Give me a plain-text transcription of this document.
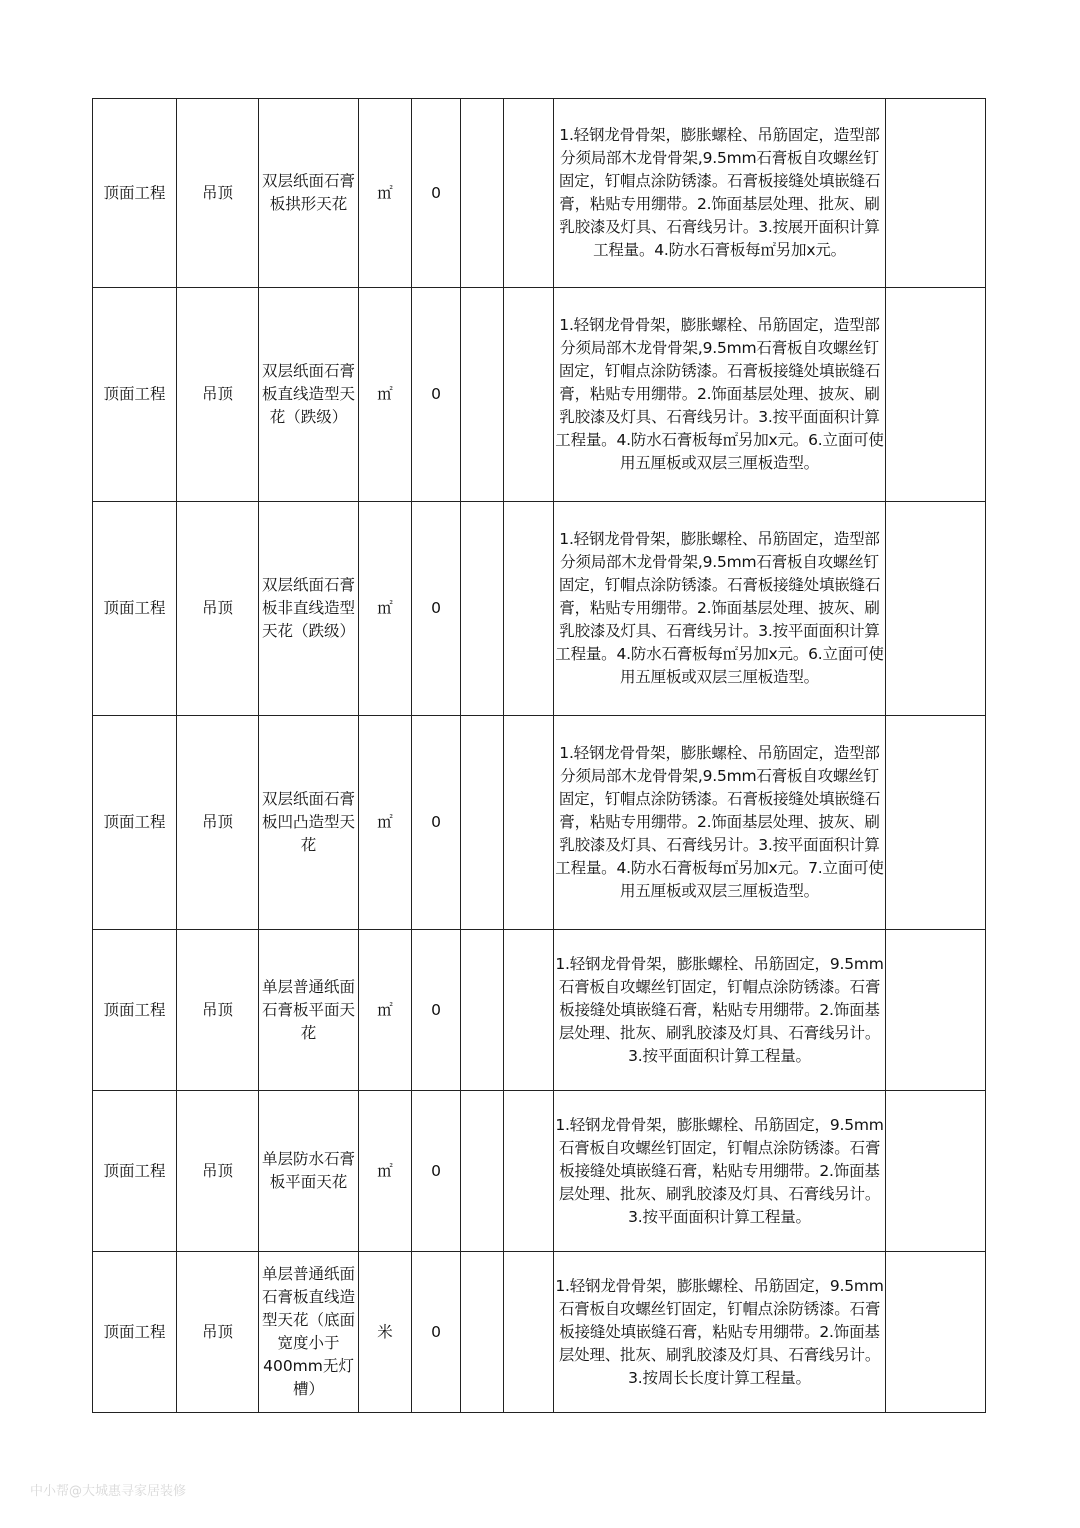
顶面工程	吊顶	双层纸面石膏板拱形天花	㎡	0			1.轻钢龙骨骨架，膨胀螺栓、吊筋固定，造型部分须局部木龙骨骨架,9.5mm石膏板自攻螺丝钉固定，钉帽点涂防锈漆。石膏板接缝处填嵌缝石膏，粘贴专用绷带。2.饰面基层处理、批灰、刷乳胶漆及灯具、石膏线另计。3.按展开面积计算工程量。4.防水石膏板每㎡另加x元。	
顶面工程	吊顶	双层纸面石膏板直线造型天花（跌级）	㎡	0			1.轻钢龙骨骨架，膨胀螺栓、吊筋固定，造型部分须局部木龙骨骨架,9.5mm石膏板自攻螺丝钉固定，钉帽点涂防锈漆。石膏板接缝处填嵌缝石膏，粘贴专用绷带。2.饰面基层处理、披灰、刷乳胶漆及灯具、石膏线另计。3.按平面面积计算工程量。4.防水石膏板每㎡另加x元。6.立面可使用五厘板或双层三厘板造型。	
顶面工程	吊顶	双层纸面石膏板非直线造型天花（跌级）	㎡	0			1.轻钢龙骨骨架，膨胀螺栓、吊筋固定，造型部分须局部木龙骨骨架,9.5mm石膏板自攻螺丝钉固定，钉帽点涂防锈漆。石膏板接缝处填嵌缝石膏，粘贴专用绷带。2.饰面基层处理、披灰、刷乳胶漆及灯具、石膏线另计。3.按平面面积计算工程量。4.防水石膏板每㎡另加x元。6.立面可使用五厘板或双层三厘板造型。	
顶面工程	吊顶	双层纸面石膏板凹凸造型天花	㎡	0			1.轻钢龙骨骨架，膨胀螺栓、吊筋固定，造型部分须局部木龙骨骨架,9.5mm石膏板自攻螺丝钉固定，钉帽点涂防锈漆。石膏板接缝处填嵌缝石膏，粘贴专用绷带。2.饰面基层处理、披灰、刷乳胶漆及灯具、石膏线另计。3.按平面面积计算工程量。4.防水石膏板每㎡另加x元。7.立面可使用五厘板或双层三厘板造型。	
顶面工程	吊顶	单层普通纸面石膏板平面天花	㎡	0			1.轻钢龙骨骨架，膨胀螺栓、吊筋固定，9.5mm石膏板自攻螺丝钉固定，钉帽点涂防锈漆。石膏板接缝处填嵌缝石膏，粘贴专用绷带。2.饰面基层处理、批灰、刷乳胶漆及灯具、石膏线另计。3.按平面面积计算工程量。	
顶面工程	吊顶	单层防水石膏板平面天花	㎡	0			1.轻钢龙骨骨架，膨胀螺栓、吊筋固定，9.5mm石膏板自攻螺丝钉固定，钉帽点涂防锈漆。石膏板接缝处填嵌缝石膏，粘贴专用绷带。2.饰面基层处理、批灰、刷乳胶漆及灯具、石膏线另计。3.按平面面积计算工程量。	
顶面工程	吊顶	单层普通纸面石膏板直线造型天花（底面宽度小于400mm无灯槽）	米	0			1.轻钢龙骨骨架，膨胀螺栓、吊筋固定，9.5mm石膏板自攻螺丝钉固定，钉帽点涂防锈漆。石膏板接缝处填嵌缝石膏，粘贴专用绷带。2.饰面基层处理、批灰、刷乳胶漆及灯具、石膏线另计。3.按周长长度计算工程量。	
中小帮@大城惠寻家居装修
